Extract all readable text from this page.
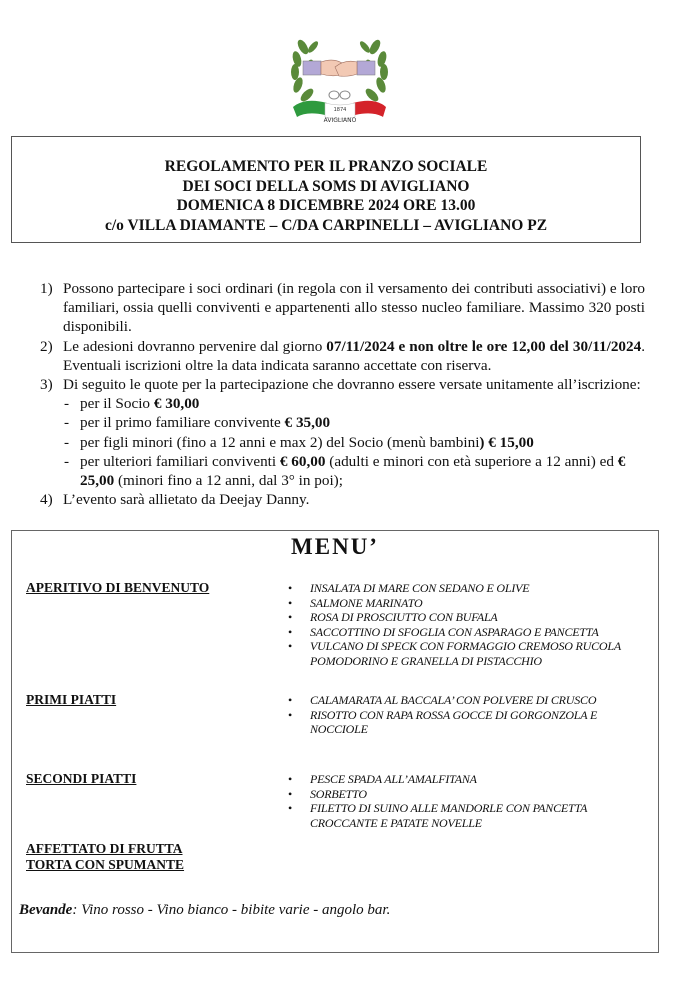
1874
AVIGLIANO
REGOLAMENTO PER IL PRANZO SOCIALE
DEI SOCI DELLA SOMS DI AVIGLIANO
DOMENICA 8 DICEMBRE 2024 ORE 13.00
c/o VILLA DIAMANTE – C/DA CARPINELLI – AVIGLIANO PZ
1) Possono partecipare i soci ordinari (in regola con il versamento dei contributi associativi) e loro familiari, ossia quelli conviventi e appartenenti allo stesso nucleo familiare. Massimo 320 posti disponibili.
2) Le adesioni dovranno pervenire dal giorno 07/11/2024 e non oltre le ore 12,00 del 30/11/2024. Eventuali iscrizioni oltre la data indicata saranno accettate con riserva.
3) Di seguito le quote per la partecipazione che dovranno essere versate unitamente all’iscrizione:
- per il Socio € 30,00
- per il primo familiare convivente € 35,00
- per figli minori (fino a 12 anni e max 2) del Socio (menù bambini) € 15,00
- per ulteriori familiari conviventi € 60,00 (adulti e minori con età superiore a 12 anni) ed € 25,00 (minori fino a 12 anni, dal 3° in poi);
4) L’evento sarà allietato da Deejay Danny.
MENU’
APERITIVO DI BENVENUTO	• INSALATA DI MARE CON SEDANO E OLIVE
• SALMONE MARINATO
• ROSA DI PROSCIUTTO CON BUFALA
• SACCOTTINO DI SFOGLIA CON ASPARAGO E PANCETTA
• VULCANO DI SPECK CON FORMAGGIO CREMOSO RUCOLA POMODORINO E GRANELLA DI PISTACCHIO
PRIMI PIATTI	• CALAMARATA AL BACCALA’ CON POLVERE DI CRUSCO
• RISOTTO CON RAPA ROSSA GOCCE DI GORGONZOLA E NOCCIOLE
SECONDI PIATTI	• PESCE SPADA ALL’AMALFITANA
• SORBETTO
• FILETTO DI SUINO ALLE MANDORLE CON PANCETTA CROCCANTE E PATATE NOVELLE
AFFETTATO DI FRUTTA
TORTA CON SPUMANTE
Bevande: Vino rosso - Vino bianco - bibite varie - angolo bar.
